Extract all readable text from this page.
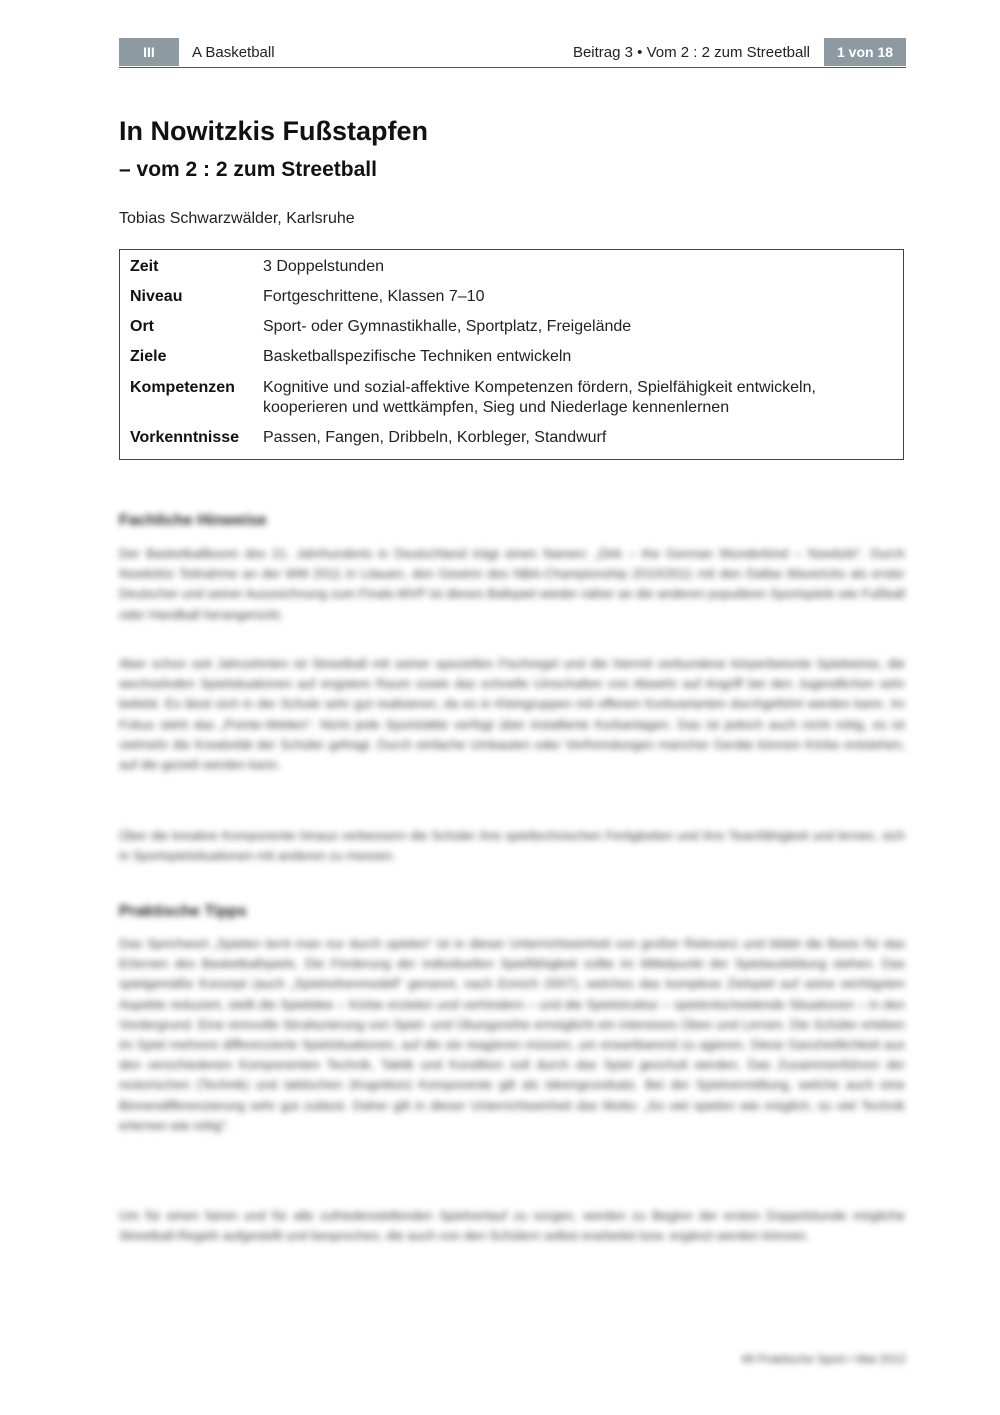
III	A Basketball	Beitrag 3 • Vom 2 : 2 zum Streetball	1 von 18
In Nowitzkis Fußstapfen
– vom 2 : 2 zum Streetball
Tobias Schwarzwälder, Karlsruhe
Zeit	3 Doppelstunden
Niveau	Fortgeschrittene, Klassen 7–10
Ort	Sport- oder Gymnastikhalle, Sportplatz, Freigelände
Ziele	Basketballspezifische Techniken entwickeln
Kompetenzen Kognitive und sozial-affektive Kompetenzen fördern, Spielfähigkeit entwickeln, kooperieren und wettkämpfen, Sieg und Niederlage kennenlernen
Vorkenntnisse Passen, Fangen, Dribbeln, Korbleger, Standwurf
Fachliche Hinweise

Der Basketballboom des 21. Jahrhunderts in Deutschland trägt einen Namen: „Dirk – the German Wunderkind – Nowitzki“. Durch Nowitzkis Teilnahme an der WM 2011 in Litauen, den Gewinn des NBA-Championship 2010/2011 mit den Dallas Mavericks als erster Deutscher und seiner Auszeichnung zum Finals-MVP ist dieses Ballspiel wieder näher an die anderen populären Sportspiele wie Fußball oder Handball herangerückt.

Aber schon seit Jahrzehnten ist Streetball mit seiner speziellen Fischregel und die hiermit verbundene körperbetonte Spielweise, die wechselnden Spielsituationen auf engstem Raum sowie das schnelle Umschalten von Abwehr auf Angriff bei den Jugendlichen sehr beliebt. Es lässt sich in der Schule sehr gut realisieren, da es in Kleingruppen mit offenen Korbvarianten durchgeführt werden kann. Im Fokus steht das „Pointe-Wetten“. Nicht jede Sportstätte verfügt über installierte Korbanlagen. Das ist jedoch auch nicht nötig, es ist vielmehr die Kreativität der Schüler gefragt. Durch einfache Umbauten oder Verfremdungen mancher Geräte können Körbe entstehen, auf die gezielt werden kann.

Über die kreative Komponente hinaus verbessern die Schüler ihre spieltechnischen Fertigkeiten und ihre Teamfähigkeit und lernen, sich in Sportspielsituationen mit anderen zu messen.

Praktische Tipps

Das Sprichwort „Spielen lernt man nur durch spielen“ ist in dieser Unterrichtseinheit von großer Relevanz und bildet die Basis für das Erlernen des Basketballspiels. Die Förderung der individuellen Spielfähigkeit sollte im Mittelpunkt der Spielausbildung stehen. Das spielgemäße Konzept (auch „Spielreihenmodell“ genannt, nach Emrich 2007), welches das komplexe Zielspiel auf seine wichtigsten Aspekte reduziert, stellt die Spielidee – Körbe erzielen und verhindern – und die Spielstruktur – spielentscheidende Situationen – in den Vordergrund. Eine sinnvolle Strukturierung von Spiel- und Übungsreihe ermöglicht ein intensives Üben und Lernen. Die Schüler erleben im Spiel mehrere differenzierte Spielsituationen, auf die sie reagieren müssen, um erwartbarend zu agieren. Diese Ganzheitlichkeit aus den verschiedenen Komponenten Technik, Taktik und Kondition soll durch das Spiel geschult werden. Das Zusammenführen der motorischen (Technik) und taktischen (Kognition) Komponente gilt als Ideengrundsatz. Bei der Spielvermittlung, welche auch eine Binnendifferenzierung sehr gut zulässt. Daher gilt in dieser Unterrichtseinheit das Motto: „So viel spielen wie möglich, so viel Technik erlernen wie nötig“.

Um für einen fairen und für alle zufriedenstellenden Spielverlauf zu sorgen, werden zu Beginn der ersten Doppelstunde mögliche Streetball-Regeln aufgestellt und besprochen, die auch von den Schülern selbst erarbeitet bzw. ergänzt werden können.

49 Praktische Sport • Mai 2012
